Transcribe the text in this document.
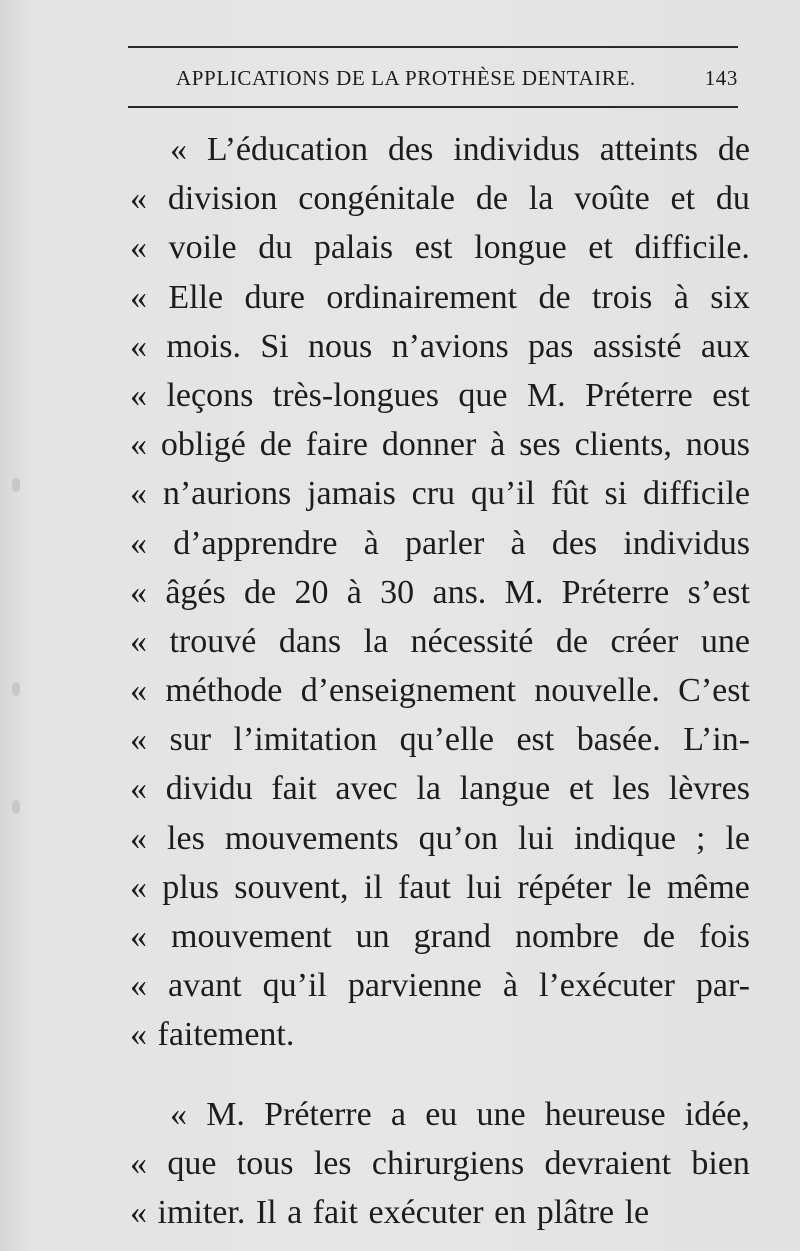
APPLICATIONS DE LA PROTHÈSE DENTAIRE.	143
« L’éducation des individus atteints de
« division congénitale de la voûte et du
« voile du palais est longue et difficile.
« Elle dure ordinairement de trois à six
« mois. Si nous n’avions pas assisté aux
« leçons très-longues que M. Préterre est
« obligé de faire donner à ses clients, nous
« n’aurions jamais cru qu’il fût si difficile
« d’apprendre à parler à des individus
« âgés de 20 à 30 ans. M. Préterre s’est
« trouvé dans la nécessité de créer une
« méthode d’enseignement nouvelle. C’est
« sur l’imitation qu’elle est basée. L’in-
« dividu fait avec la langue et les lèvres
« les mouvements qu’on lui indique ; le
« plus souvent, il faut lui répéter le même
« mouvement un grand nombre de fois
« avant qu’il parvienne à l’exécuter par-
« faitement.
« M. Préterre a eu une heureuse idée,
« que tous les chirurgiens devraient bien
« imiter. Il a fait exécuter en plâtre le
